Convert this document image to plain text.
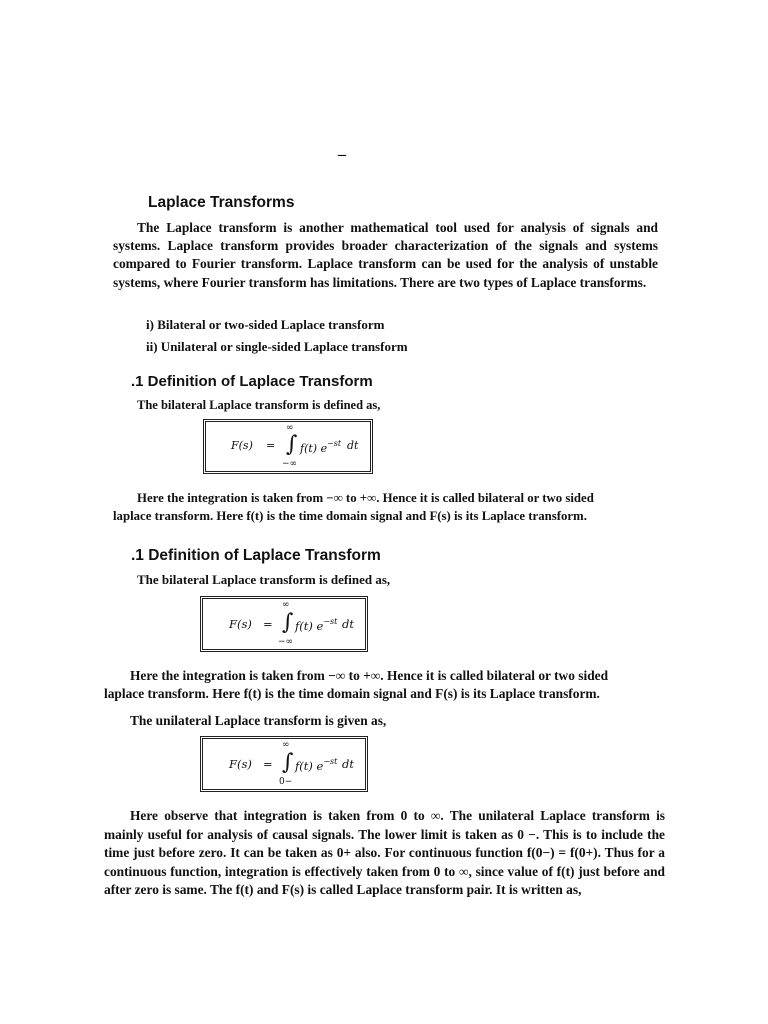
_
Laplace Transforms
The Laplace transform is another mathematical tool used for analysis of signals and systems. Laplace transform provides broader characterization of the signals and systems compared to Fourier transform. Laplace transform can be used for the analysis of unstable systems, where Fourier transform has limitations. There are two types of Laplace transforms.
i) Bilateral or two-sided Laplace transform
ii) Unilateral or single-sided Laplace transform
.1 Definition of Laplace Transform
The bilateral Laplace transform is defined as,
F(s) =
∞
∫
−∞
f(t) $e^{-st}$ dt
Here the integration is taken from −∞ to +∞. Hence it is called bilateral or two sided
laplace transform. Here f(t) is the time domain signal and F(s) is its Laplace transform.
.1 Definition of Laplace Transform
The bilateral Laplace transform is defined as,
F(s) =
∞
∫
−∞
f(t) $e^{-st}$ dt
Here the integration is taken from −∞ to +∞. Hence it is called bilateral or two sided
laplace transform. Here f(t) is the time domain signal and F(s) is its Laplace transform.
The unilateral Laplace transform is given as,
F(s) =
∞
∫
0−
f(t) $e^{-st}$ dt
Here observe that integration is taken from 0 to ∞. The unilateral Laplace transform is mainly useful for analysis of causal signals. The lower limit is taken as 0 −. This is to include the time just before zero. It can be taken as 0+ also. For continuous function f(0−) = f(0+). Thus for a continuous function, integration is effectively taken from 0 to ∞, since value of f(t) just before and after zero is same. The f(t) and F(s) is called Laplace transform pair. It is written as,
